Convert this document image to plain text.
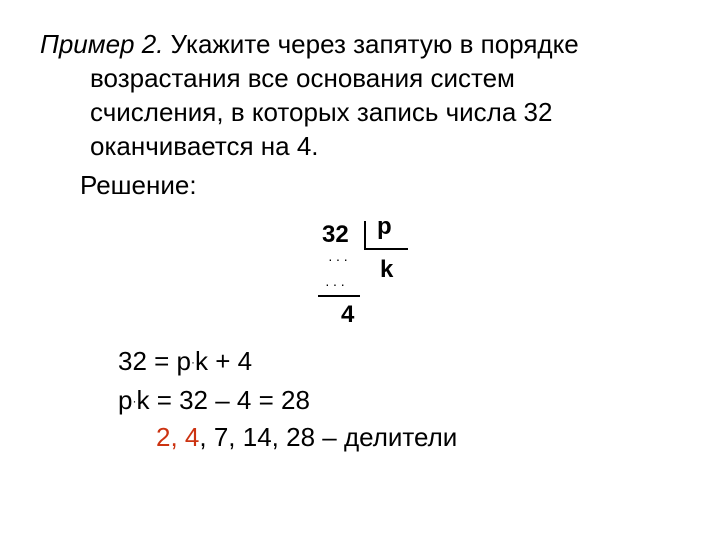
Пример 2. Укажите через запятую в порядке
возрастания все основания систем
счисления, в которых запись числа 32
оканчивается на 4.
Решение:
32 p
k
···
···
4
32 = p·k + 4
p·k = 32 – 4 = 28
2, 4, 7, 14, 28 – делители
